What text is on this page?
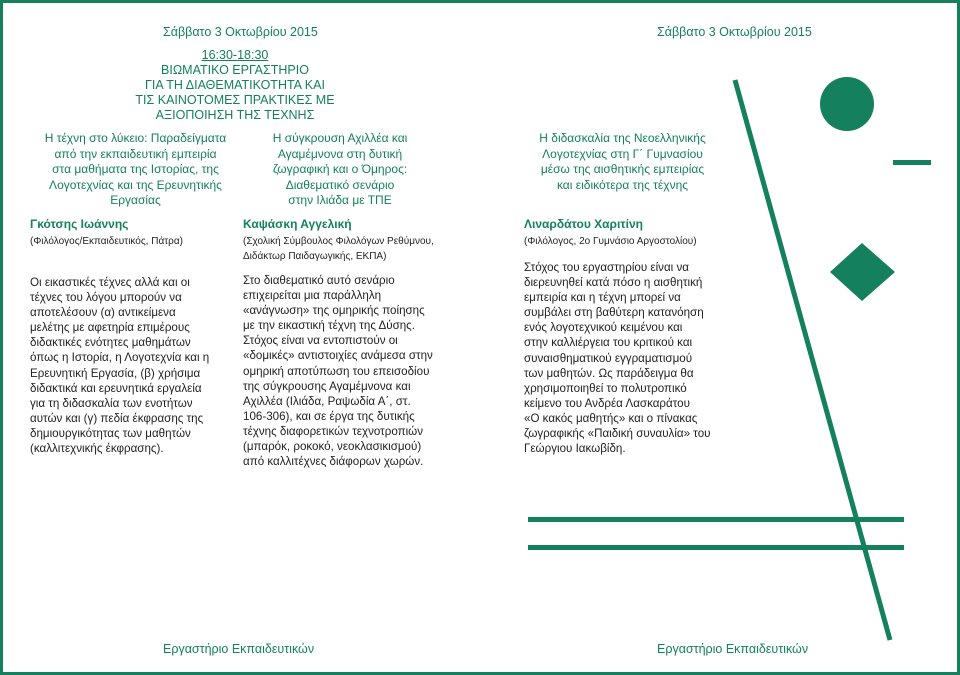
Σάββατο 3 Οκτωβρίου 2015	Σάββατο 3 Οκτωβρίου 2015
16:30-18:30
ΒΙΩΜΑΤΙΚΟ ΕΡΓΑΣΤΗΡΙΟ
ΓΙΑ ΤΗ ΔΙΑΘΕΜΑΤΙΚΟΤΗΤΑ ΚΑΙ
ΤΙΣ ΚΑΙΝΟΤΟΜΕΣ ΠΡΑΚΤΙΚΕΣ ΜΕ
ΑΞΙΟΠΟΙΗΣΗ ΤΗΣ ΤΕΧΝΗΣ
Η τέχνη στο λύκειο: Παραδείγματα
από την εκπαιδευτική εμπειρία
στα μαθήματα της Ιστορίας, της
Λογοτεχνίας και της Ερευνητικής
Εργασίας
Γκότσης Ιωάννης
(Φιλόλογος/Εκπαιδευτικός, Πάτρα)
Οι εικαστικές τέχνες αλλά και οι
τέχνες του λόγου μπορούν να
αποτελέσουν (α) αντικείμενα
μελέτης με αφετηρία επιμέρους
διδακτικές ενότητες μαθημάτων
όπως η Ιστορία, η Λογοτεχνία και η
Ερευνητική Εργασία, (β) χρήσιμα
διδακτικά και ερευνητικά εργαλεία
για τη διδασκαλία των ενοτήτων
αυτών και (γ) πεδία έκφρασης της
δημιουργικότητας των μαθητών
(καλλιτεχνικής έκφρασης).
Η σύγκρουση Αχιλλέα και
Αγαμέμνονα στη δυτική
ζωγραφική και ο Όμηρος:
Διαθεματικό σενάριο
στην Ιλιάδα με ΤΠΕ
Καψάσκη Αγγελική
(Σχολική Σύμβουλος Φιλολόγων Ρεθύμνου,
Διδάκτωρ Παιδαγωγικής, ΕΚΠΑ)
Στο διαθεματικό αυτό σενάριο
επιχειρείται μια παράλληλη
«ανάγνωση» της ομηρικής ποίησης
με την εικαστική τέχνη της Δύσης.
Στόχος είναι να εντοπιστούν οι
«δομικές» αντιστοιχίες ανάμεσα στην
ομηρική αποτύπωση του επεισοδίου
της σύγκρουσης Αγαμέμνονα και
Αχιλλέα (Ιλιάδα, Ραψωδία Α΄, στ.
106-306), και σε έργα της δυτικής
τέχνης διαφορετικών τεχνοτροπιών
(μπαρόκ, ροκοκό, νεοκλασικισμού)
από καλλιτέχνες διάφορων χωρών.
Η διδασκαλία της Νεοελληνικής
Λογοτεχνίας στη Γ΄ Γυμνασίου
μέσω της αισθητικής εμπειρίας
και ειδικότερα της τέχνης
Λιναρδάτου Χαριτίνη
(Φιλόλογος, 2ο Γυμνάσιο Αργοστολίου)
Στόχος του εργαστηρίου είναι να
διερευνηθεί κατά πόσο η αισθητική
εμπειρία και η τέχνη μπορεί να
συμβάλει στη βαθύτερη κατανόηση
ενός λογοτεχνικού κειμένου και
στην καλλιέργεια του κριτικού και
συναισθηματικού εγγραματισμού
των μαθητών. Ως παράδειγμα θα
χρησιμοποιηθεί το πολυτροπικό
κείμενο του Ανδρέα Λασκαράτου
«Ο κακός μαθητής» και ο πίνακας
ζωγραφικής «Παιδική συναυλία» του
Γεώργιου Ιακωβίδη.
Εργαστήριο Εκπαιδευτικών	Εργαστήριο Εκπαιδευτικών
